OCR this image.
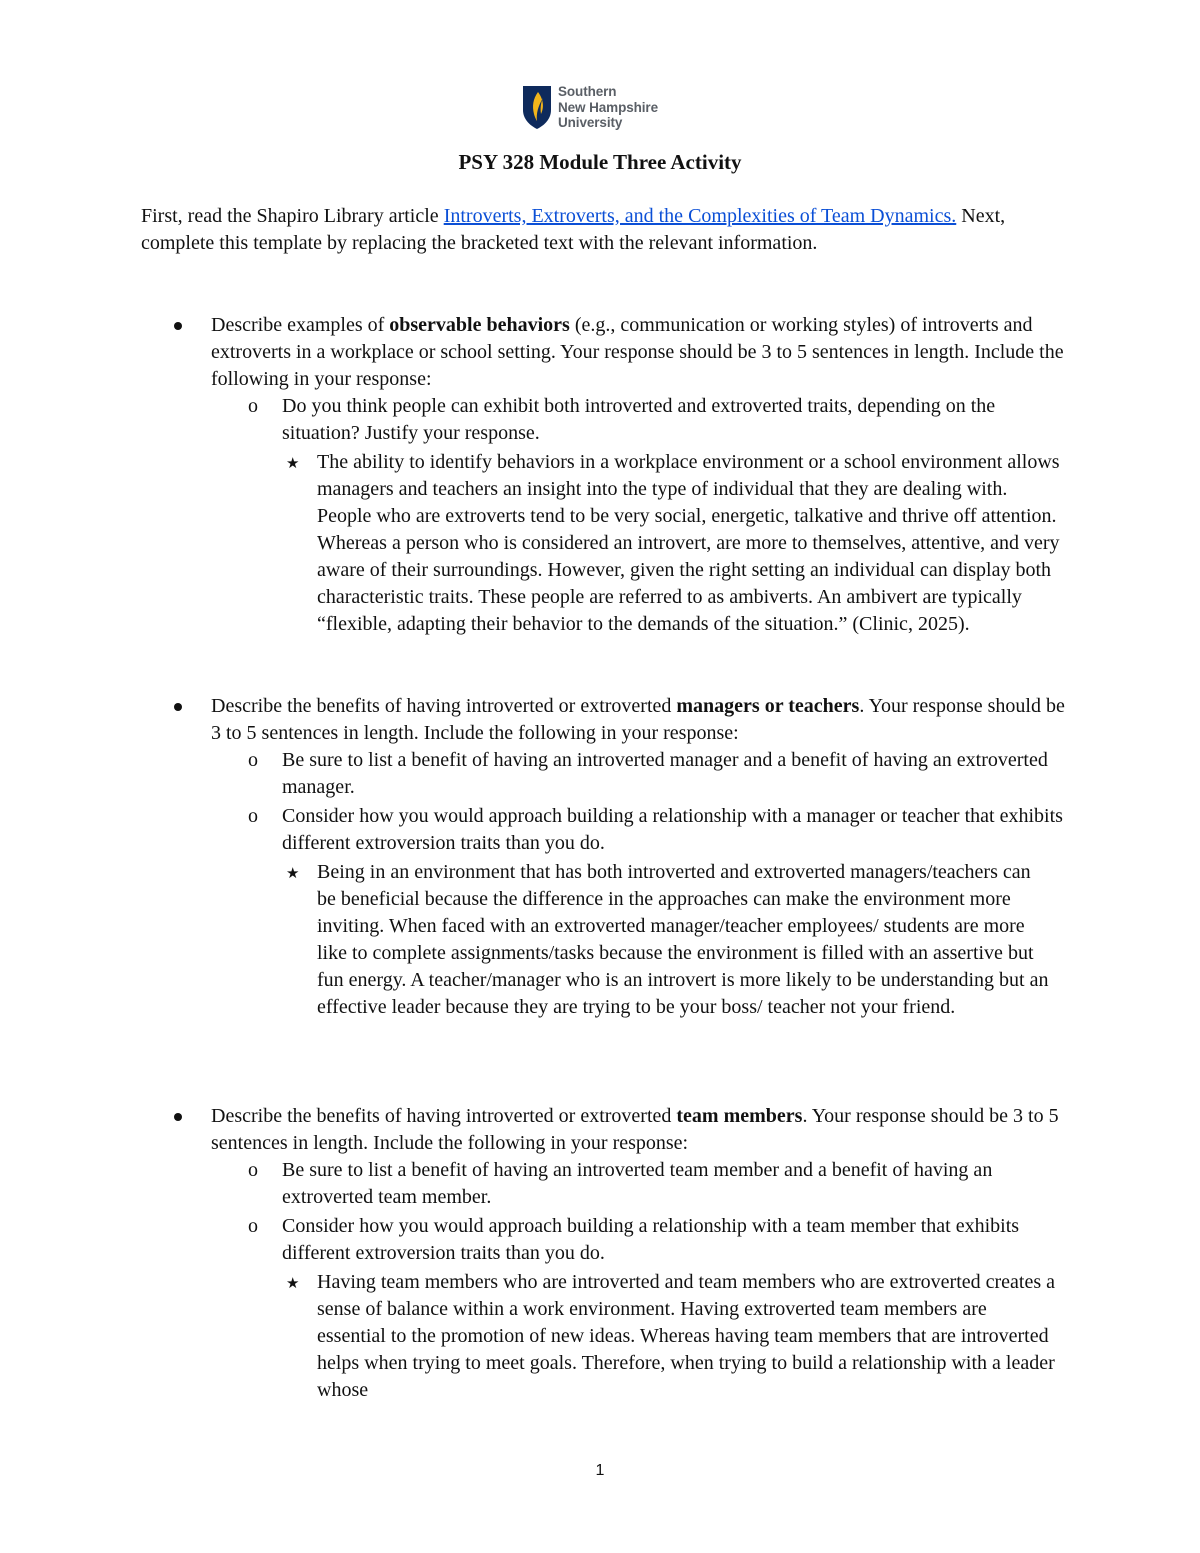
Southern
New Hampshire
University
PSY 328 Module Three Activity
First, read the Shapiro Library article Introverts, Extroverts, and the Complexities of Team Dynamics. Next, complete this template by replacing the bracketed text with the relevant information.
Describe examples of observable behaviors (e.g., communication or working styles) of introverts and extroverts in a workplace or school setting. Your response should be 3 to 5 sentences in length. Include the following in your response:
o Do you think people can exhibit both introverted and extroverted traits, depending on the situation? Justify your response.
★ The ability to identify behaviors in a workplace environment or a school environment allows managers and teachers an insight into the type of individual that they are dealing with. People who are extroverts tend to be very social, energetic, talkative and thrive off attention. Whereas a person who is considered an introvert, are more to themselves, attentive, and very aware of their surroundings. However, given the right setting an individual can display both characteristic traits. These people are referred to as ambiverts. An ambivert are typically “flexible, adapting their behavior to the demands of the situation.” (Clinic, 2025).
Describe the benefits of having introverted or extroverted managers or teachers. Your response should be 3 to 5 sentences in length. Include the following in your response:
o Be sure to list a benefit of having an introverted manager and a benefit of having an extroverted manager.
o Consider how you would approach building a relationship with a manager or teacher that exhibits different extroversion traits than you do.
★ Being in an environment that has both introverted and extroverted managers/teachers can be beneficial because the difference in the approaches can make the environment more inviting. When faced with an extroverted manager/teacher employees/ students are more like to complete assignments/tasks because the environment is filled with an assertive but fun energy. A teacher/manager who is an introvert is more likely to be understanding but an effective leader because they are trying to be your boss/ teacher not your friend.
Describe the benefits of having introverted or extroverted team members. Your response should be 3 to 5 sentences in length. Include the following in your response:
o Be sure to list a benefit of having an introverted team member and a benefit of having an extroverted team member.
o Consider how you would approach building a relationship with a team member that exhibits different extroversion traits than you do.
★ Having team members who are introverted and team members who are extroverted creates a sense of balance within a work environment. Having extroverted team members are essential to the promotion of new ideas. Whereas having team members that are introverted helps when trying to meet goals. Therefore, when trying to build a relationship with a leader whose
1
